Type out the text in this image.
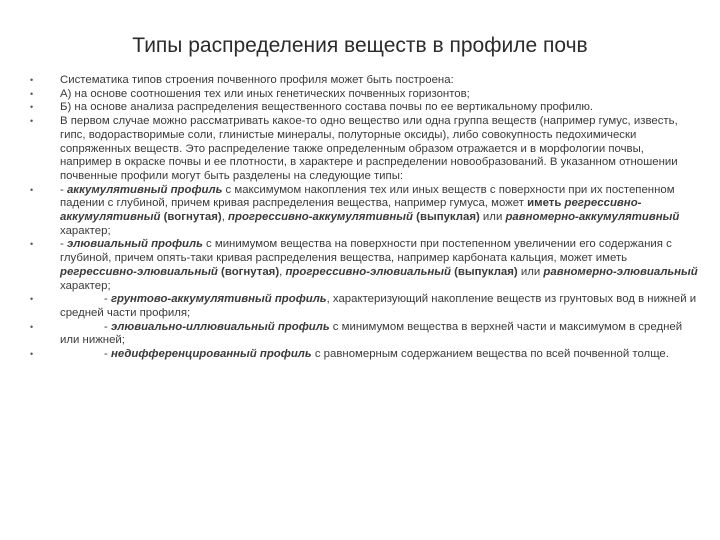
Типы распределения веществ в профиле почв
•	Систематика типов строения почвенного профиля может быть построена:
•	А) на основе соотношения тех или иных генетических почвенных горизонтов;
•	Б) на основе анализа распределения вещественного состава почвы по ее вертикальному профилю.
•	В первом случае можно рассматривать какое-то одно вещество или одна группа веществ (например гумус, известь, гипс, водорастворимые соли, глинистые минералы, полуторные оксиды), либо совокупность педохимически сопряженных веществ. Это распределение также определенным образом отражается и в морфологии почвы, например в окраске почвы и ее плотности, в характере и распределении новообразований. В указанном отношении почвенные профили могут быть разделены на следующие типы:
•	- аккумулятивный профиль с максимумом накопления тех или иных веществ с поверхности при их постепенном падении с глубиной, причем кривая распределения вещества, например гумуса, может иметь регрессивно-аккумулятивный (вогнутая), прогрессивно-аккумулятивный (выпуклая) или равномерно-аккумулятивный характер;
•	- элювиальный профиль с минимумом вещества на поверхности при постепенном увеличении его содержания с глубиной, причем опять-таки кривая распределения вещества, например карбоната кальция, может иметь регрессивно-элювиальный (вогнутая), прогрессивно-элювиальный (выпуклая) или равномерно-элювиальный характер;
•	- грунтово-аккумулятивный профиль, характеризующий накопление веществ из грунтовых вод в нижней и средней части профиля;
•	- элювиально-иллювиальный профиль с минимумом вещества в верхней части и максимумом в средней или нижней;
•	- недифференцированный профиль с равномерным содержанием вещества по всей почвенной толще.
